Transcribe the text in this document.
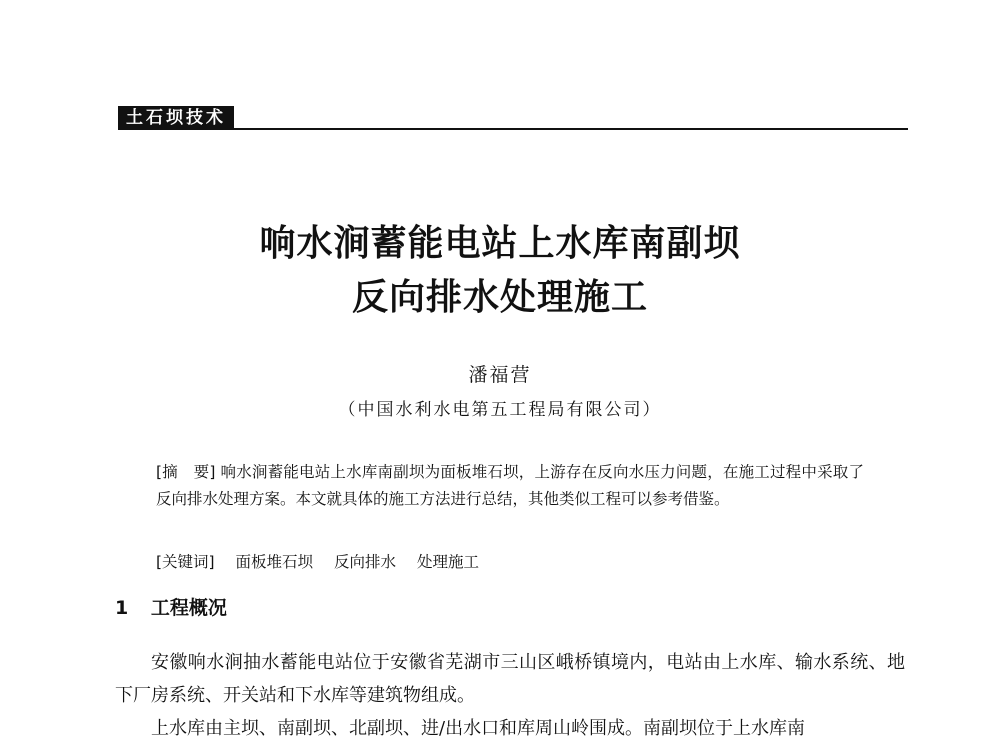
土石坝技术
响水涧蓄能电站上水库南副坝
反向排水处理施工
潘福营
（中国水利水电第五工程局有限公司）
[摘　要] 响水涧蓄能电站上水库南副坝为面板堆石坝，上游存在反向水压力问题，在施工过程中采取了反向排水处理方案。本文就具体的施工方法进行总结，其他类似工程可以参考借鉴。
[关键词] 面板堆石坝 反向排水 处理施工
1 工程概况

安徽响水涧抽水蓄能电站位于安徽省芜湖市三山区峨桥镇境内，电站由上水库、输水系统、地下厂房系统、开关站和下水库等建筑物组成。

上水库由主坝、南副坝、北副坝、进/出水口和库周山岭围成。南副坝位于上水库南
